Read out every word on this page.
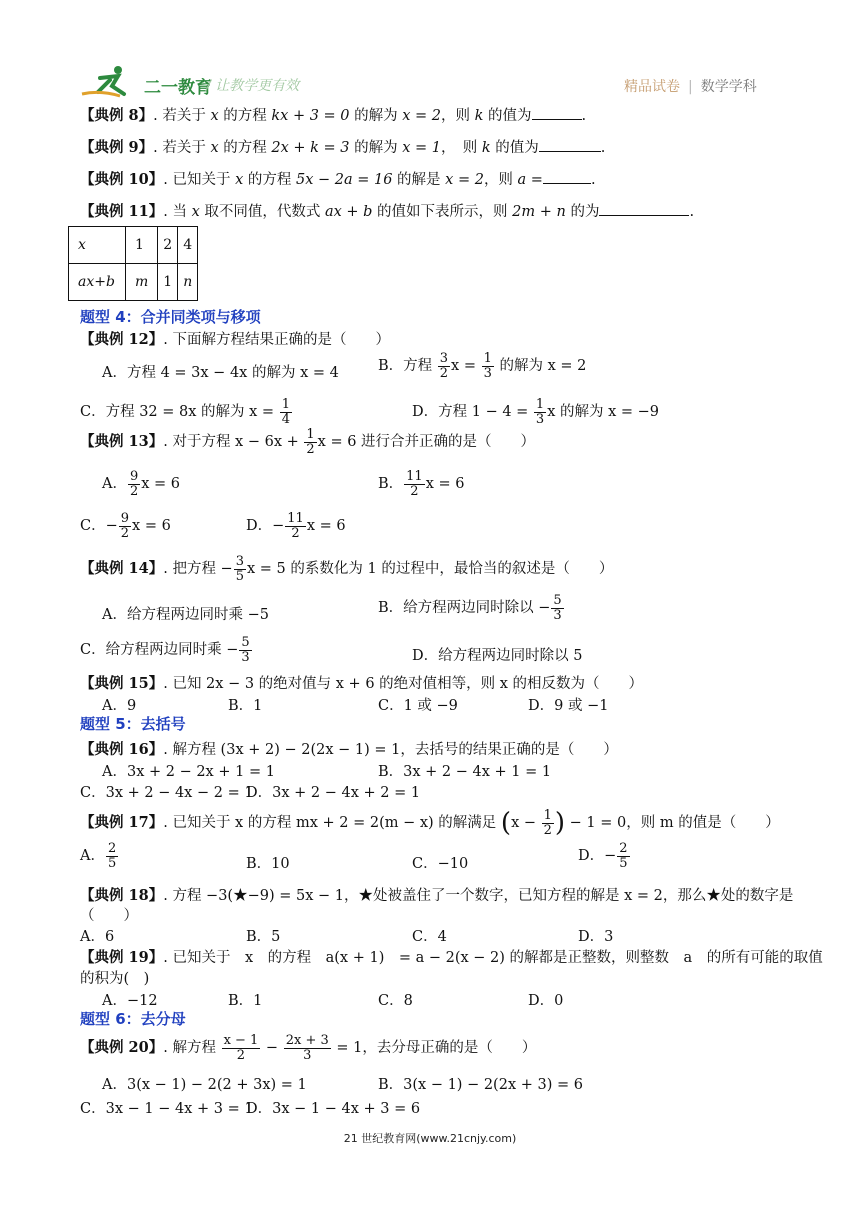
二一教育
/ 让教学更有效	精品试卷 | 数学学科
【典例 8】. 若关于 x 的方程 kx + 3 = 0 的解为 x = 2，则 k 的值为	.
【典例 9】. 若关于 x 的方程 2x + k = 3 的解为 x = 1，　则 k 的值为	.
【典例 10】. 已知关于 x 的方程 5x − 2a = 16 的解是 x = 2，则 a =	.
【典例 11】. 当 x 取不同值，代数式 ax + b 的值如下表所示，则 2m + n 的为	.
x	1	2	4
ax+b	m	1	n
题型 4：合并同类项与移项
【典例 12】. 下面解方程结果正确的是（　　）
A．方程 4 = 3x − 4x 的解为 x = 4	B．方程 $\frac{3}{2}$ $x = \frac{1}{3}$ 的解为 x = 2
C．方程 32 = 8x 的解为 $x = \frac{1}{4}$	D．方程 $1 - 4 = \frac{1}{3}$ x 的解为 x = −9
【典例 13】. 对于方程 $x - 6x + \frac{1}{2}$ x = 6 进行合并正确的是（　　）
A． $\frac{9}{2}$ x = 6	B． $\frac{11}{2}$ x = 6
C．− $\frac{9}{2}$ x = 6	D．− $\frac{11}{2}$ x = 6
【典例 14】. 把方程 − $\frac{3}{5}$ x = 5 的系数化为 1 的过程中，最恰当的叙述是（　　）
A．给方程两边同时乘 −5	B．给方程两边同时除以 − $\frac{5}{3}$
C．给方程两边同时乘 − $\frac{5}{3}$	D．给方程两边同时除以 5
【典例 15】. 已知 2x − 3 的绝对值与 x + 6 的绝对值相等，则 x 的相反数为（　　）
A．9	B．1	C．1 或 −9	D．9 或 −1
题型 5：去括号
【典例 16】. 解方程 (3x + 2) − 2(2x − 1) = 1，去括号的结果正确的是（　　）
A．3x + 2 − 2x + 1 = 1	B．3x + 2 − 4x + 1 = 1
C．3x + 2 − 4x − 2 = 1
D．3x + 2 − 4x + 2 = 1
【典例 17】. 已知关于 x 的方程 mx + 2 = 2(m − x) 的解满足 ($x - \frac{1}{2}$ ) − 1 = 0，则 m 的值是（　　）
A． $\frac{2}{5}$	B．10	C．−10	D．− $\frac{2}{5}$
【典例 18】. 方程 −3(★−9) = 5x − 1，★处被盖住了一个数字，已知方程的解是 x = 2，那么★处的数字是
（　　）
A．6	B．5	C．4	D．3
【典例 19】. 已知关于　x　的方程　a(x + 1)　= a − 2(x − 2) 的解都是正整数，则整数　a　的所有可能的取值
的积为(　)
A．−12	B．1	C．8	D．0
题型 6：去分母
【典例 20】. 解方程 $\frac{x - 1}{2} - \frac{2x + 3}{3} = 1$，去分母正确的是（　　）
A．3(x − 1) − 2(2 + 3x) = 1	B．3(x − 1) − 2(2x + 3) = 6
C．3x − 1 − 4x + 3 = 1
D．3x − 1 − 4x + 3 = 6
21 世纪教育网(www.21cnjy.com)
